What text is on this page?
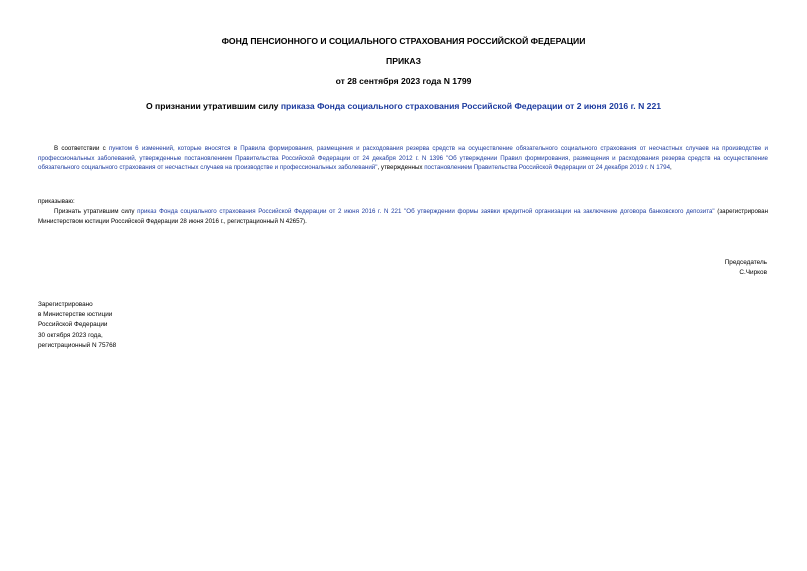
ФОНД ПЕНСИОННОГО И СОЦИАЛЬНОГО СТРАХОВАНИЯ РОССИЙСКОЙ ФЕДЕРАЦИИ
ПРИКАЗ
от 28 сентября 2023 года N 1799
О признании утратившим силу приказа Фонда социального страхования Российской Федерации от 2 июня 2016 г. N 221
В соответствии с пунктом 6 изменений, которые вносятся в Правила формирования, размещения и расходования резерва средств на осуществление обязательного социального страхования от несчастных случаев на производстве и профессиональных заболеваний, утвержденные постановлением Правительства Российской Федерации от 24 декабря 2012 г. N 1396 "Об утверждении Правил формирования, размещения и расходования резерва средств на осуществление обязательного социального страхования от несчастных случаев на производстве и профессиональных заболеваний", утвержденных постановлением Правительства Российской Федерации от 24 декабря 2019 г. N 1794,
приказываю:
Признать утратившим силу приказ Фонда социального страхования Российской Федерации от 2 июня 2016 г. N 221 "Об утверждении формы заявки кредитной организации на заключение договора банковского депозита" (зарегистрирован Министерством юстиции Российской Федерации 28 июня 2016 г., регистрационный N 42657).
Председатель
С.Чирков
Зарегистрировано
в Министерстве юстиции
Российской Федерации
30 октября 2023 года,
регистрационный N 75768
